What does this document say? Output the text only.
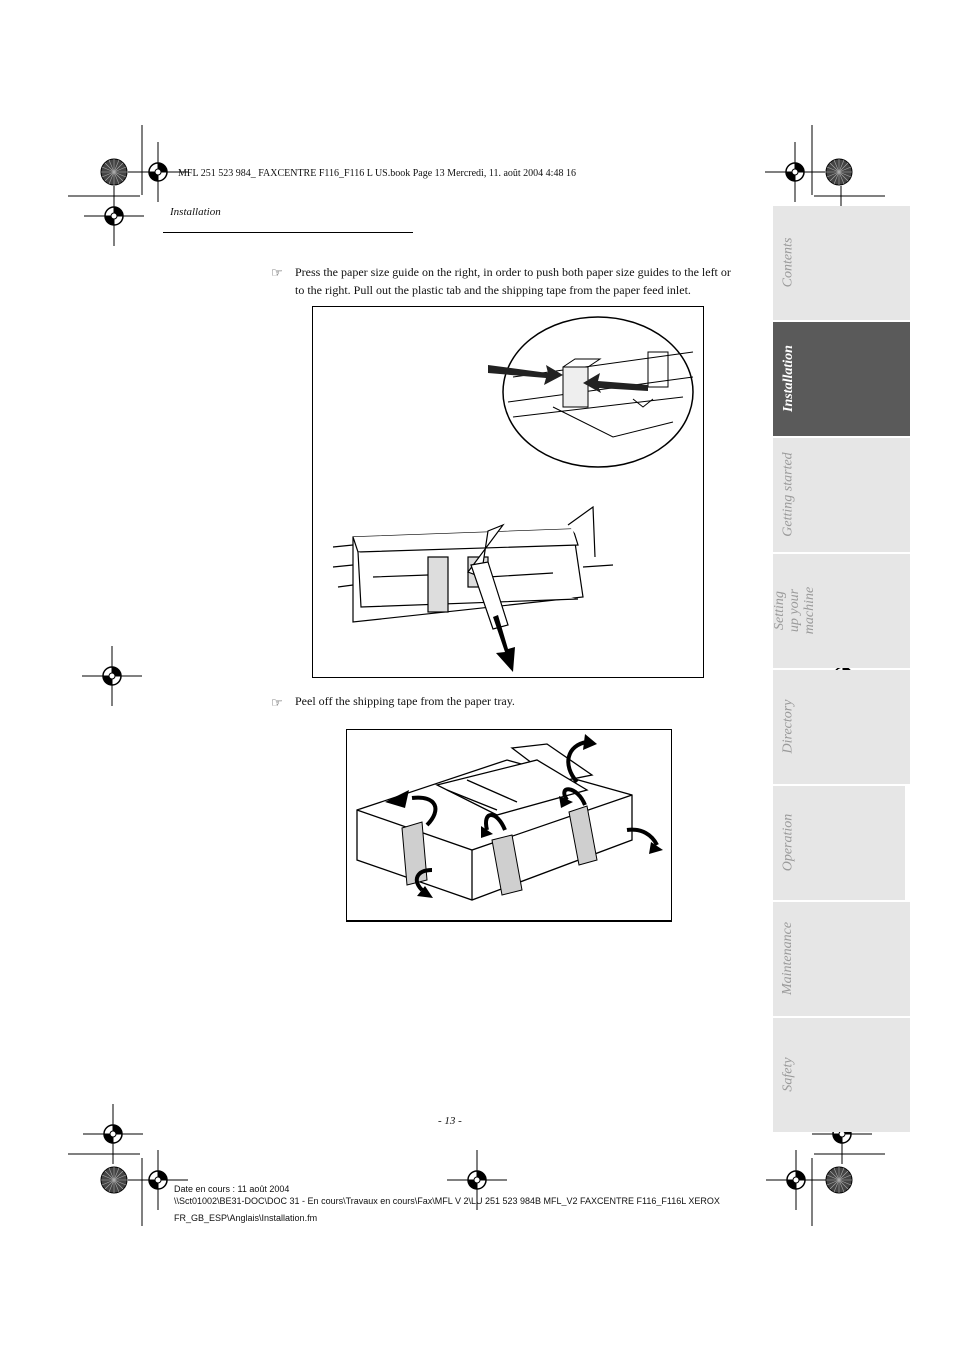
MFL 251 523 984_ FAXCENTRE F116_F116 L US.book Page 13 Mercredi, 11. août 2004 4:48 16
Installation
☞ Press the paper size guide on the right, in order to push both paper size guides to the left or
to the right. Pull out the plastic tab and the shipping tape from the paper feed inlet.
☞ Peel off the shipping tape from the paper tray.
Contents
Installation
Getting started
Setting up your machine
Directory
Operation
Maintenance
Safety
- 13 -
Date en cours : 11 août 2004
\\Sct01002\BE31-DOC\DOC 31 - En cours\Travaux en cours\Fax\MFL V 2\LU 251 523 984B MFL_V2 FAXCENTRE F116_F116L XEROX
FR_GB_ESP\Anglais\Installation.fm
